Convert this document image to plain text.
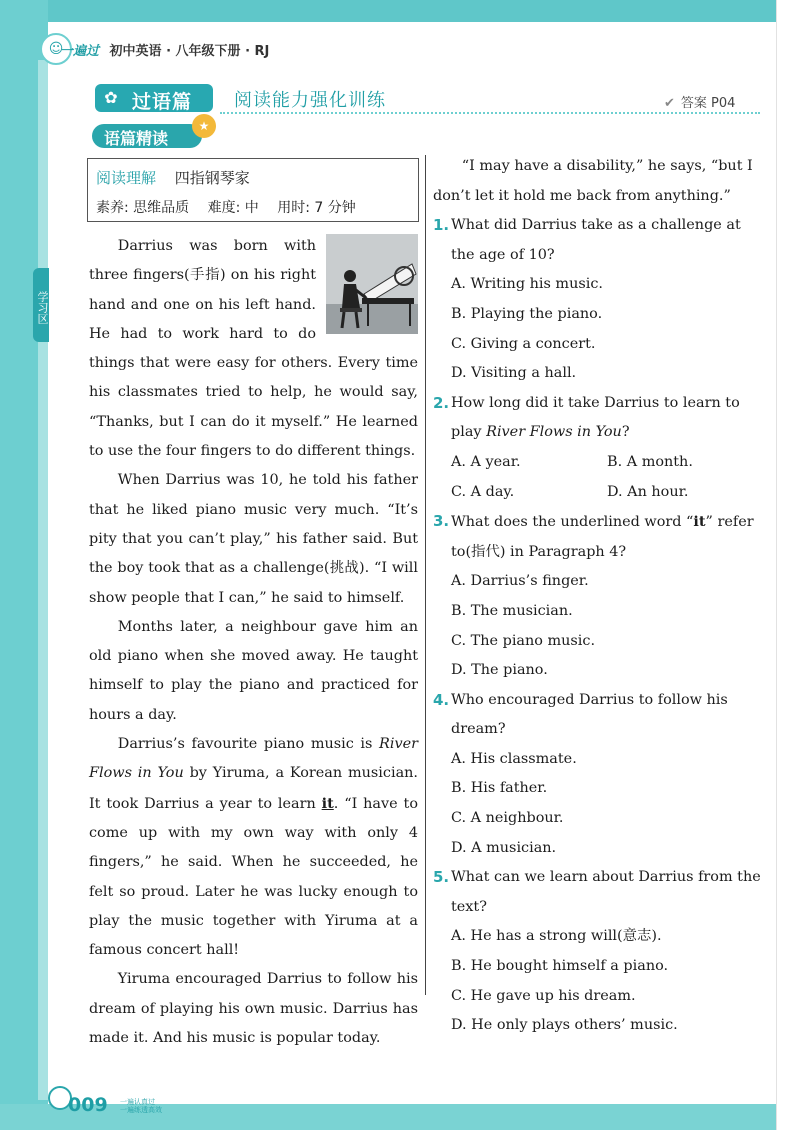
☺
一遍过 初中英语 · 八年级下册 · RJ
学习区
✿ 过语篇 阅读能力强化训练	✔ 答案 P04
语篇精读
★
阅读理解 四指钢琴家
素养: 思维品质 难度: 中 用时: 7 分钟

Darrius was born with three fingers(手指) on his right hand and one on his left hand. He had to work hard to do things that were easy for others. Every time his classmates tried to help, he would say, “Thanks, but I can do it myself.” He learned to use the four fingers to do different things.

When Darrius was 10, he told his father that he liked piano music very much. “It’s pity that you can’t play,” his father said. But the boy took that as a challenge(挑战). “I will show people that I can,” he said to himself.

Months later, a neighbour gave him an old piano when she moved away. He taught himself to play the piano and practiced for hours a day.

Darrius’s favourite piano music is River Flows in You by Yiruma, a Korean musician. It took Darrius a year to learn it. “I have to come up with my own way with only 4 fingers,” he said. When he succeeded, he felt so proud. Later he was lucky enough to play the music together with Yiruma at a famous concert hall!

Yiruma encouraged Darrius to follow his dream of playing his own music. Darrius has made it. And his music is popular today.

“I may have a disability,” he says, “but I don’t let it hold me back from anything.”

1. What did Darrius take as a challenge at the age of 10?

A. Writing his music.

B. Playing the piano.

C. Giving a concert.

D. Visiting a hall.

2. How long did it take Darrius to learn to play River Flows in You?

A. A year.	B. A month.
C. A day.	D. An hour.

3. What does the underlined word “it” refer to(指代) in Paragraph 4?

A. Darrius’s finger.

B. The musician.

C. The piano music.

D. The piano.

4. Who encouraged Darrius to follow his dream?

A. His classmate.

B. His father.

C. A neighbour.

D. A musician.

5. What can we learn about Darrius from the text?

A. He has a strong will(意志).

B. He bought himself a piano.

C. He gave up his dream.

D. He only plays others’ music.

009 一遍认真过 一遍练透高效
